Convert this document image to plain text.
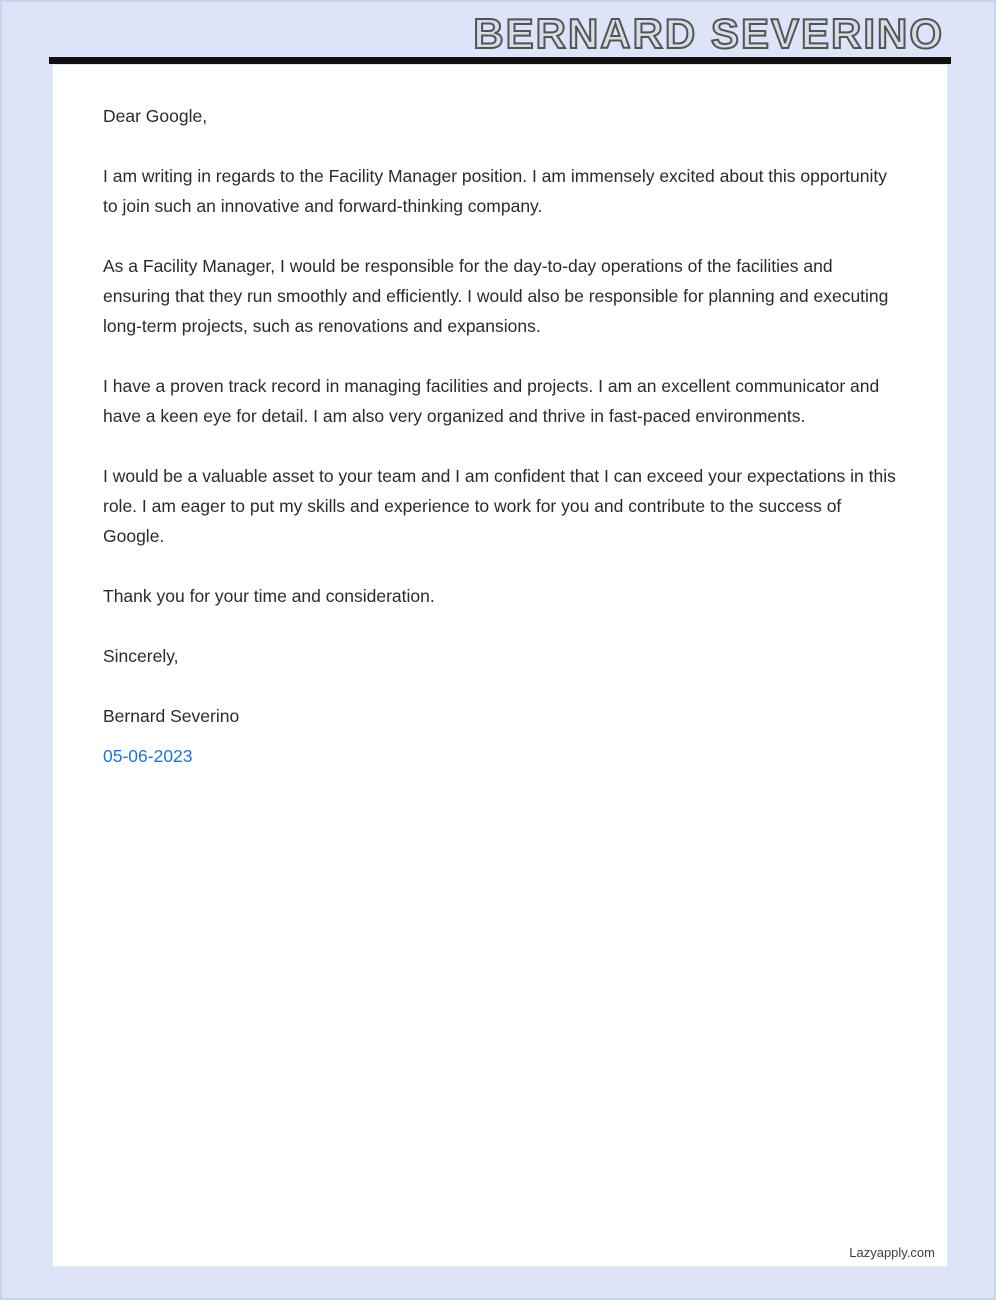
BERNARD SEVERINO

Dear Google,

I am writing in regards to the Facility Manager position. I am immensely excited about this opportunity to join such an innovative and forward-thinking company.

As a Facility Manager, I would be responsible for the day-to-day operations of the facilities and ensuring that they run smoothly and efficiently. I would also be responsible for planning and executing long-term projects, such as renovations and expansions.

I have a proven track record in managing facilities and projects. I am an excellent communicator and have a keen eye for detail. I am also very organized and thrive in fast-paced environments.

I would be a valuable asset to your team and I am confident that I can exceed your expectations in this role. I am eager to put my skills and experience to work for you and contribute to the success of Google.

Thank you for your time and consideration.

Sincerely,

Bernard Severino

05-06-2023

Lazyapply.com
